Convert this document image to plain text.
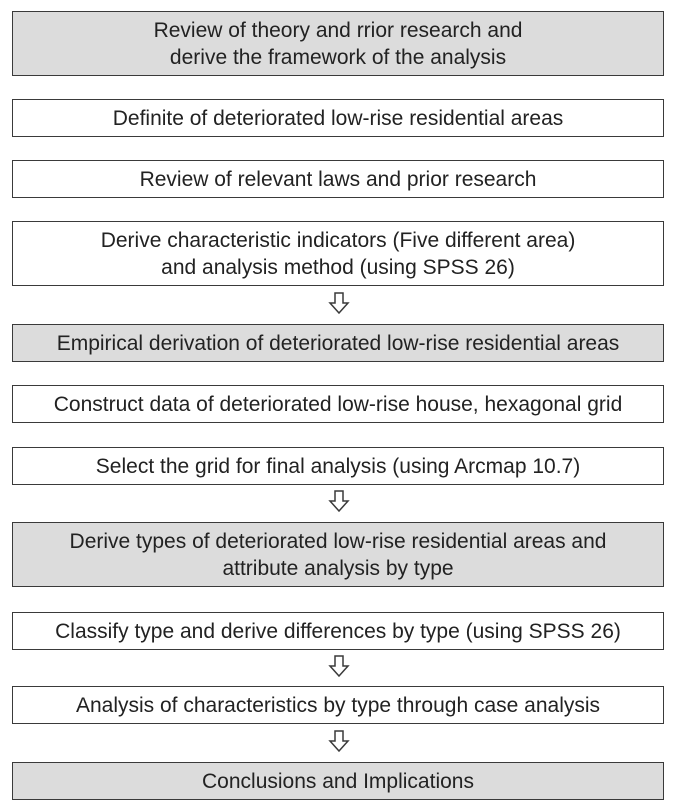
Review of theory and rrior research and
derive the framework of the analysis
Definite of deteriorated low-rise residential areas
Review of relevant laws and prior research
Derive characteristic indicators (Five different area)
and analysis method (using SPSS 26)
Empirical derivation of deteriorated low-rise residential areas
Construct data of deteriorated low-rise house, hexagonal grid
Select the grid for final analysis (using Arcmap 10.7)
Derive types of deteriorated low-rise residential areas and
attribute analysis by type
Classify type and derive differences by type (using SPSS 26)
Analysis of characteristics by type through case analysis
Conclusions and Implications
